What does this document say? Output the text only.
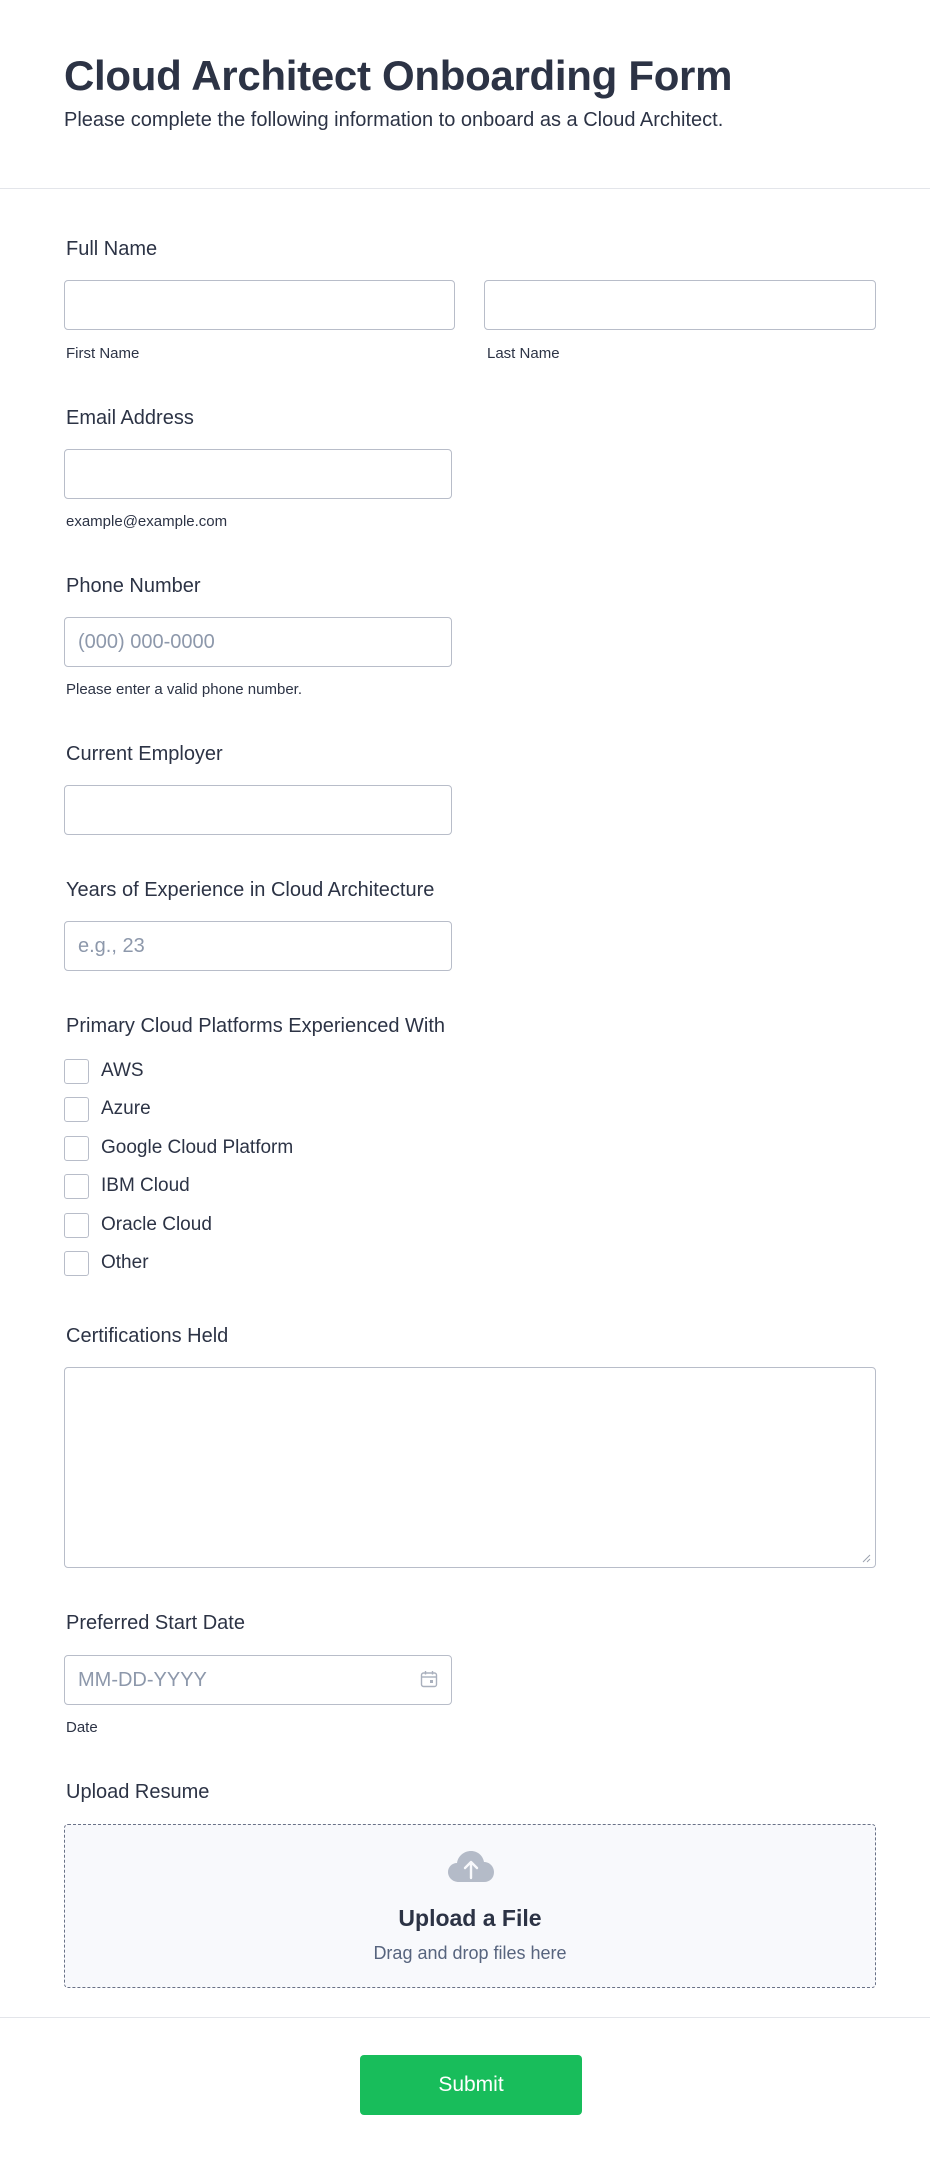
Cloud Architect Onboarding Form

Please complete the following information to onboard as a Cloud Architect.

Full Name
First Name	Last Name
Email Address
example@example.com
Phone Number
(000) 000-0000
Please enter a valid phone number.
Current Employer
Years of Experience in Cloud Architecture
e.g., 23
Primary Cloud Platforms Experienced With
AWS
Azure
Google Cloud Platform
IBM Cloud
Oracle Cloud
Other
Certifications Held
Preferred Start Date
MM-DD-YYYY
Date
Upload Resume
Upload a File
Drag and drop files here
Submit
